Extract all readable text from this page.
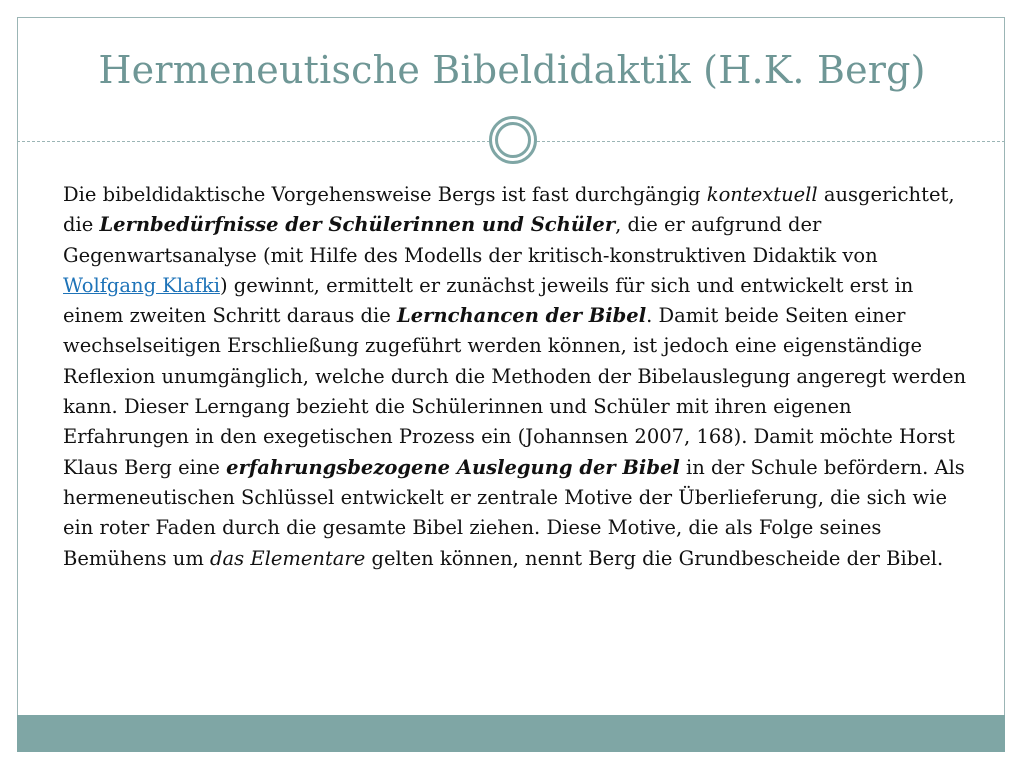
Hermeneutische Bibeldidaktik (H.K. Berg)

Die bibeldidaktische Vorgehensweise Bergs ist fast durchgängig kontextuell ausgerichtet, die Lernbedürfnisse der Schülerinnen und Schüler, die er aufgrund der Gegenwartsanalyse (mit Hilfe des Modells der kritisch-konstruktiven Didaktik von Wolfgang Klafki) gewinnt, ermittelt er zunächst jeweils für sich und entwickelt erst in einem zweiten Schritt daraus die Lernchancen der Bibel. Damit beide Seiten einer wechselseitigen Erschließung zugeführt werden können, ist jedoch eine eigenständige Reflexion unumgänglich, welche durch die Methoden der Bibelauslegung angeregt werden kann. Dieser Lerngang bezieht die Schülerinnen und Schüler mit ihren eigenen Erfahrungen in den exegetischen Prozess ein (Johannsen 2007, 168). Damit möchte Horst Klaus Berg eine erfahrungsbezogene Auslegung der Bibel in der Schule befördern. Als hermeneutischen Schlüssel entwickelt er zentrale Motive der Überlieferung, die sich wie ein roter Faden durch die gesamte Bibel ziehen. Diese Motive, die als Folge seines Bemühens um das Elementare gelten können, nennt Berg die Grundbescheide der Bibel.
